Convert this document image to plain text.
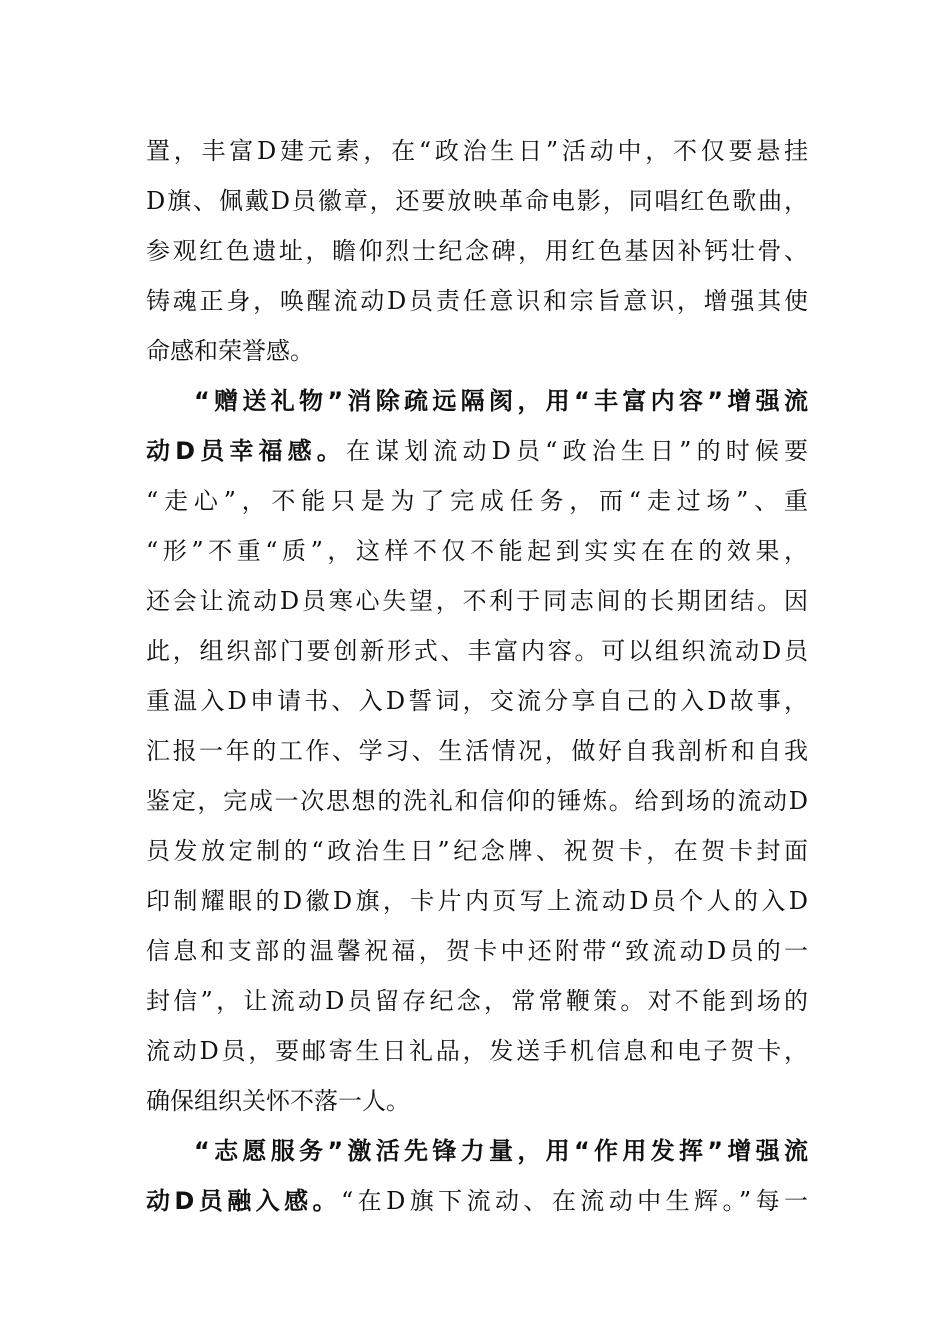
置，丰富D建元素，在“政治生日”活动中，不仅要悬挂
D旗、佩戴D员徽章，还要放映革命电影，同唱红色歌曲，
参观红色遗址，瞻仰烈士纪念碑，用红色基因补钙壮骨、
铸魂正身，唤醒流动D员责任意识和宗旨意识，增强其使
命感和荣誉感。
“赠送礼物”消除疏远隔阂，用“丰富内容”增强流
动D员幸福感。在谋划流动D员“政治生日”的时候要
“走心”，不能只是为了完成任务，而“走过场”、重
“形”不重“质”，这样不仅不能起到实实在在的效果，
还会让流动D员寒心失望，不利于同志间的长期团结。因
此，组织部门要创新形式、丰富内容。可以组织流动D员
重温入D申请书、入D誓词，交流分享自己的入D故事，
汇报一年的工作、学习、生活情况，做好自我剖析和自我
鉴定，完成一次思想的洗礼和信仰的锤炼。给到场的流动D
员发放定制的“政治生日”纪念牌、祝贺卡，在贺卡封面
印制耀眼的D徽D旗，卡片内页写上流动D员个人的入D
信息和支部的温馨祝福，贺卡中还附带“致流动D员的一
封信”，让流动D员留存纪念，常常鞭策。对不能到场的
流动D员，要邮寄生日礼品，发送手机信息和电子贺卡，
确保组织关怀不落一人。
“志愿服务”激活先锋力量，用“作用发挥”增强流
动D员融入感。“在D旗下流动、在流动中生辉。”每一
